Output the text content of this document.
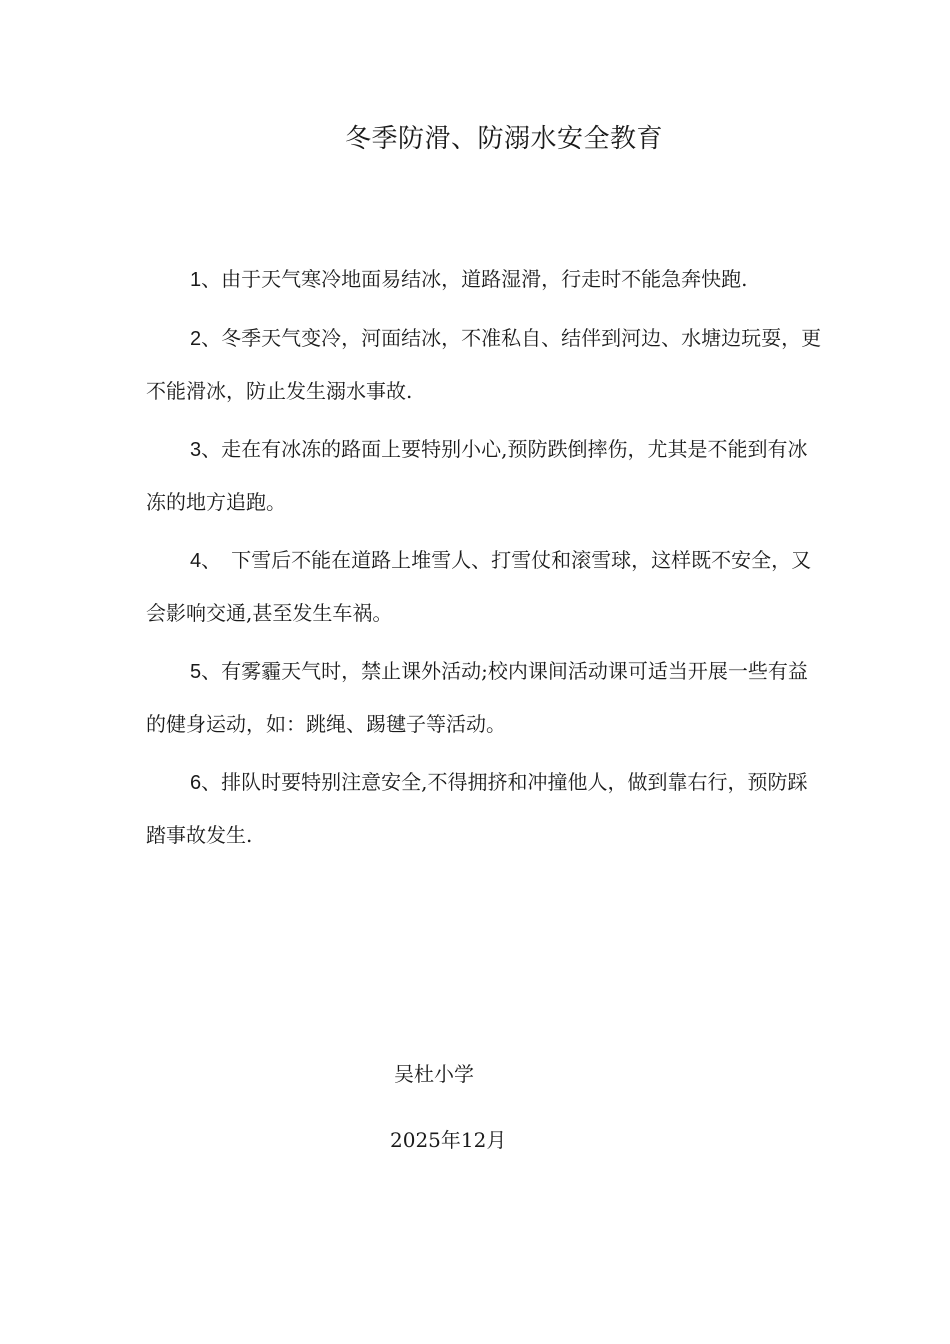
冬季防滑、防溺水安全教育

1、由于天气寒冷地面易结冰，道路湿滑，行走时不能急奔快跑.

2、冬季天气变冷，河面结冰，不准私自、结伴到河边、水塘边玩耍，更不能滑冰，防止发生溺水事故.

3、走在有冰冻的路面上要特别小心,预防跌倒摔伤，尤其是不能到有冰冻的地方追跑。

4、　下雪后不能在道路上堆雪人、打雪仗和滚雪球，这样既不安全，又会影响交通,甚至发生车祸。

5、有雾霾天气时，禁止课外活动;校内课间活动课可适当开展一些有益的健身运动，如：跳绳、踢毽子等活动。

6、排队时要特别注意安全,不得拥挤和冲撞他人，做到靠右行，预防踩踏事故发生.

吴杜小学
2025年12月
